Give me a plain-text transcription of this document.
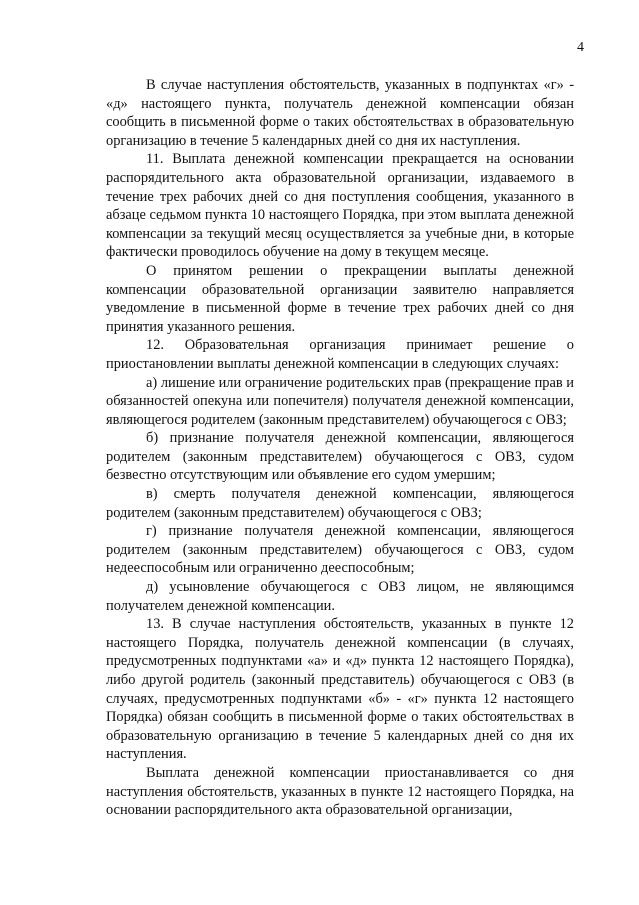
4

В случае наступления обстоятельств, указанных в подпунктах «г» - «д» настоящего пункта, получатель денежной компенсации обязан сообщить в письменной форме о таких обстоятельствах в образовательную организацию в течение 5 календарных дней со дня их наступления.

11. Выплата денежной компенсации прекращается на основании распорядительного акта образовательной организации, издаваемого в течение трех рабочих дней со дня поступления сообщения, указанного в абзаце седьмом пункта 10 настоящего Порядка, при этом выплата денежной компенсации за текущий месяц осуществляется за учебные дни, в которые фактически проводилось обучение на дому в текущем месяце.

О принятом решении о прекращении выплаты денежной компенсации образовательной организации заявителю направляется уведомление в письменной форме в течение трех рабочих дней со дня принятия указанного решения.

12. Образовательная организация принимает решение о приостановлении выплаты денежной компенсации в следующих случаях:

а) лишение или ограничение родительских прав (прекращение прав и обязанностей опекуна или попечителя) получателя денежной компенсации, являющегося родителем (законным представителем) обучающегося с ОВЗ;

б) признание получателя денежной компенсации, являющегося родителем (законным представителем) обучающегося с ОВЗ, судом безвестно отсутствующим или объявление его судом умершим;

в) смерть получателя денежной компенсации, являющегося родителем (законным представителем) обучающегося с ОВЗ;

г) признание получателя денежной компенсации, являющегося родителем (законным представителем) обучающегося с ОВЗ, судом недееспособным или ограниченно дееспособным;

д) усыновление обучающегося с ОВЗ лицом, не являющимся получателем денежной компенсации.

13. В случае наступления обстоятельств, указанных в пункте 12 настоящего Порядка, получатель денежной компенсации (в случаях, предусмотренных подпунктами «а» и «д» пункта 12 настоящего Порядка), либо другой родитель (законный представитель) обучающегося с ОВЗ (в случаях, предусмотренных подпунктами «б» - «г» пункта 12 настоящего Порядка) обязан сообщить в письменной форме о таких обстоятельствах в образовательную организацию в течение 5 календарных дней со дня их наступления.

Выплата денежной компенсации приостанавливается со дня наступления обстоятельств, указанных в пункте 12 настоящего Порядка, на основании распорядительного акта образовательной организации,
